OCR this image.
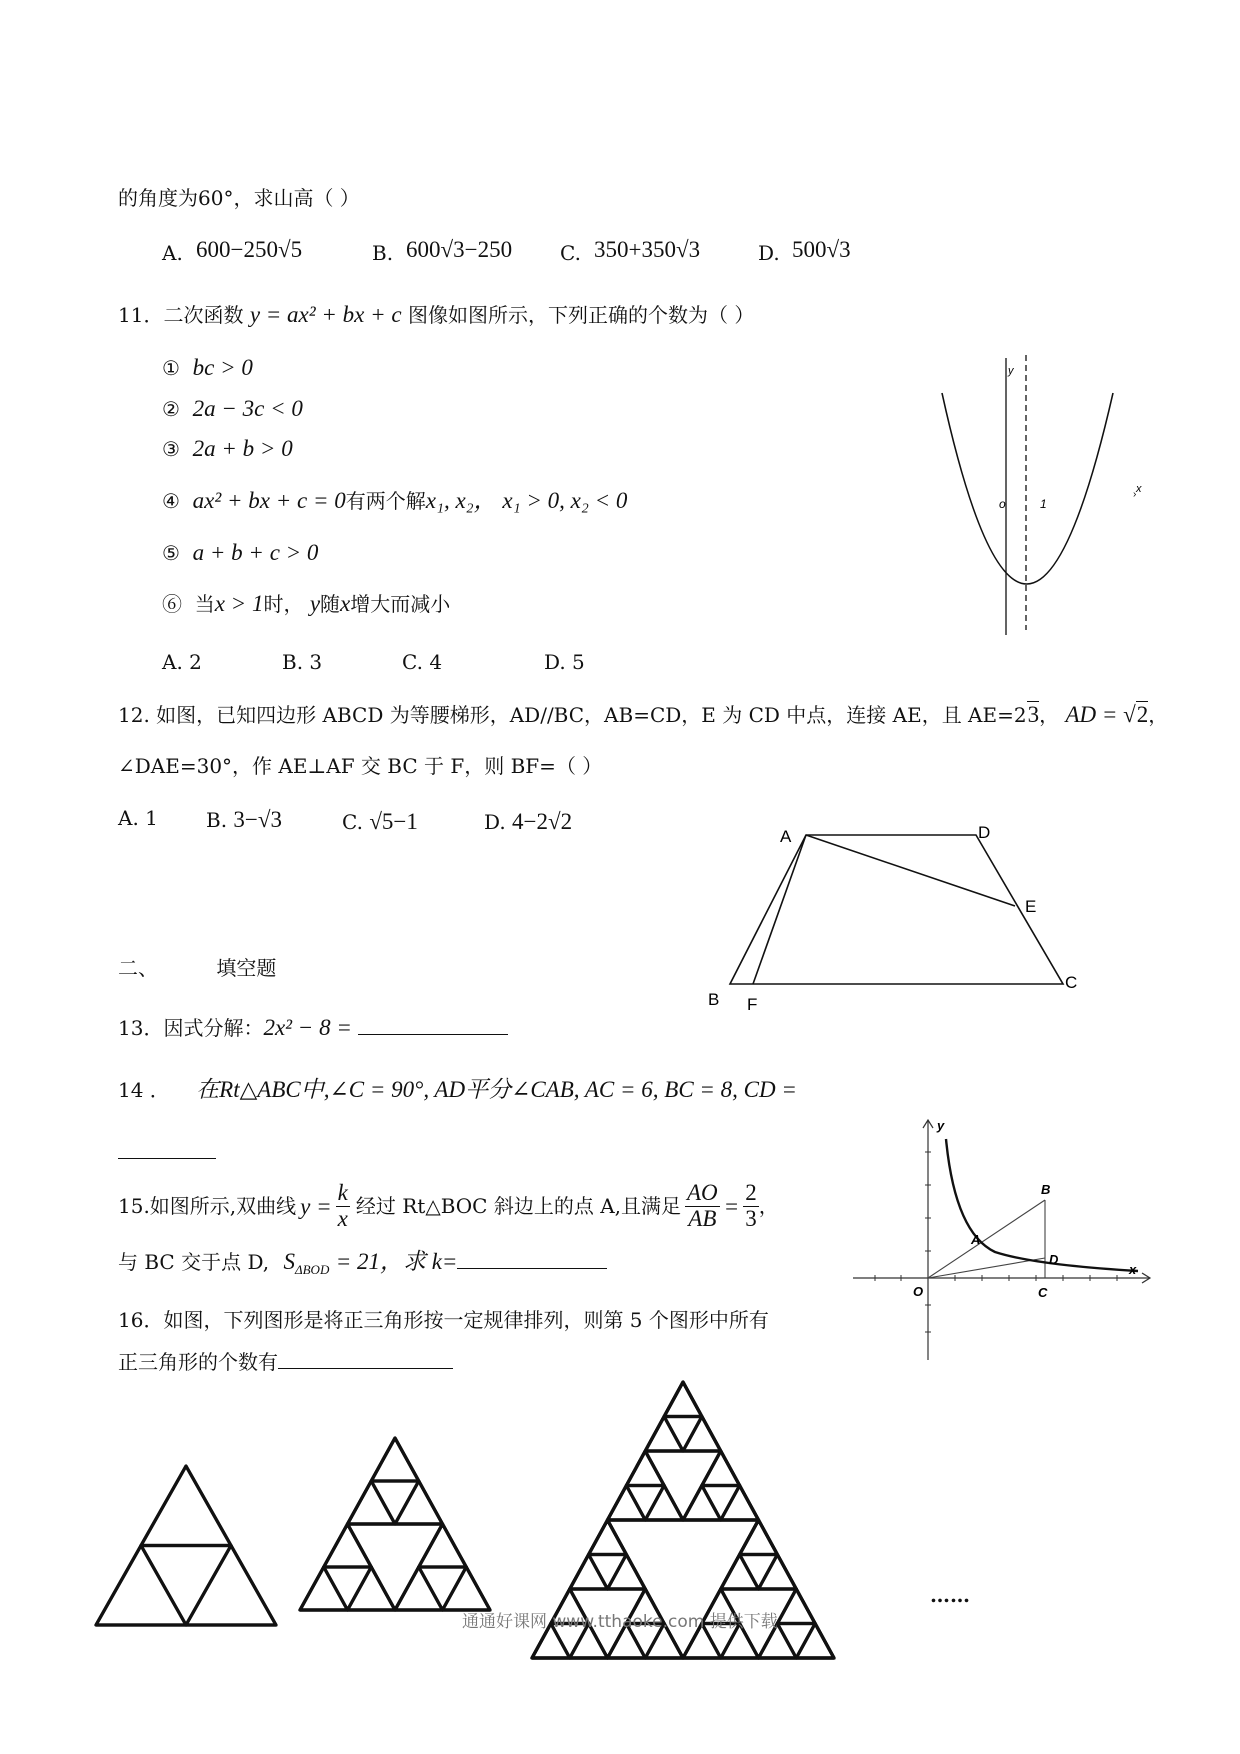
的角度为60°，求山高（ ）
A. 600−250√5	B. 600√3−250 C. 350+350√3	D. 500√3
11．二次函数 y = ax² + bx + c 图像如图所示，下列正确的个数为（ ）
① bc > 0
② 2a − 3c < 0
③ 2a + b > 0
④ ax² + bx + c = 0有两个解x₁, x₂， x₁ > 0, x₂ < 0
⑤ a + b + c > 0
⑥ 当x > 1时， y随x增大而减小
A. 2	B. 3	C. 4	D. 5
y
x
›
o	1
12. 如图，已知四边形 ABCD 为等腰梯形，AD//BC，AB=CD，E 为 CD 中点，连接 AE，且 AE=23， AD = √2，
∠DAE=30°，作 AE⊥AF 交 BC 于 F，则 BF=（ ）
A. 1 B. 3−√3	C. √5−1	D. 4−2√2
A	D
E
C
B F
二、	填空题
13．因式分解：2x² − 8 =
14 ． 在Rt△ABC中,∠C = 90°, AD平分∠CAB, AC = 6, BC = 8, CD =
15.如图所示,双曲线 $y = \frac{k}{x}$ 经过 Rt△BOC 斜边上的点 A,且满足 $\frac{AO}{AB} = \frac{2}{3}$ ，
与 BC 交于点 D, $S_{\Delta BOD} = 21$，求 k=
y
x
O
A
B
D
C
16．如图，下列图形是将正三角形按一定规律排列，则第 5 个图形中所有
正三角形的个数有
……
通通好课网 www.tthaoke.com 提供下载
